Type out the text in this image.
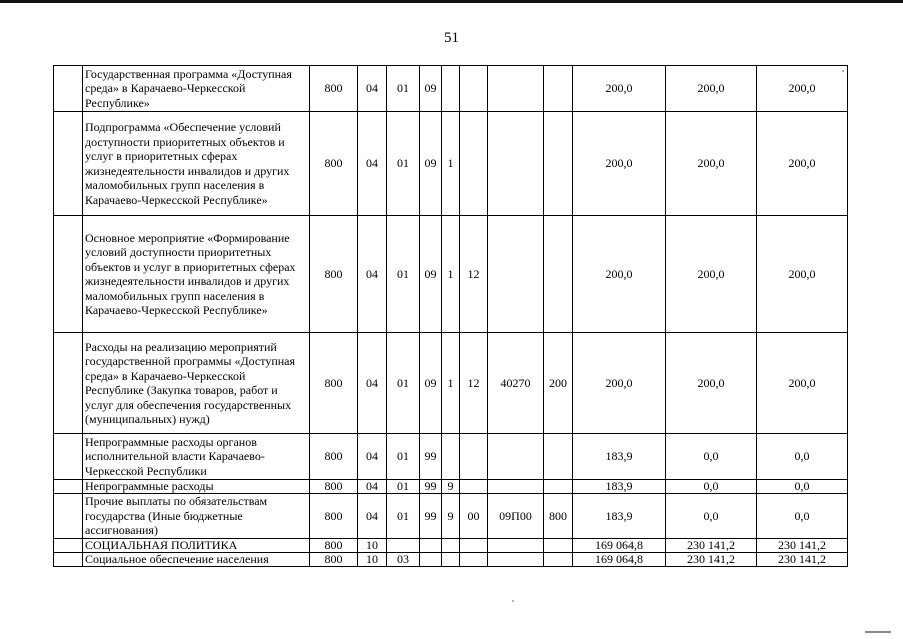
51
	Государственная программа «Доступная среда» в Карачаево-Черкесской Республике»	800	04	01	09					200,0	200,0	200,0
	Подпрограмма «Обеспечение условий доступности приоритетных объектов и услуг в приоритетных сферах жизнедеятельности инвалидов и других маломобильных групп населения в Карачаево-Черкесской Республике»	800	04	01	09	1				200,0	200,0	200,0
	Основное мероприятие «Формирование условий доступности приоритетных объектов и услуг в приоритетных сферах жизнедеятельности инвалидов и других маломобильных групп населения в Карачаево-Черкесской Республике»	800	04	01	09	1	12			200,0	200,0	200,0
	Расходы на реализацию мероприятий государственной программы «Доступная среда» в Карачаево-Черкесской Республике (Закупка товаров, работ и услуг для обеспечения государственных (муниципальных) нужд)	800	04	01	09	1	12	40270	200	200,0	200,0	200,0
	Непрограммные расходы органов исполнительной власти Карачаево-Черкесской Республики	800	04	01	99					183,9	0,0	0,0
	Непрограммные расходы	800	04	01	99	9				183,9	0,0	0,0
	Прочие выплаты по обязательствам государства (Иные бюджетные ассигнования)	800	04	01	99	9	00	09П00	800	183,9	0,0	0,0
	СОЦИАЛЬНАЯ ПОЛИТИКА	800	10							169 064,8	230 141,2	230 141,2
	Социальное обеспечение населения	800	10	03						169 064,8	230 141,2	230 141,2
